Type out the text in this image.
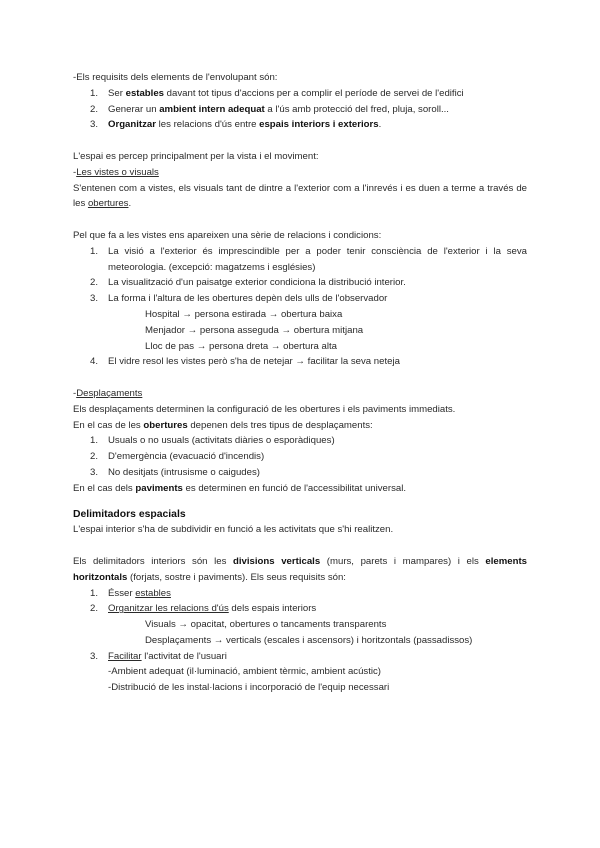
-Els requisits dels elements de l'envolupant són:

1. Ser estables davant tot tipus d'accions per a complir el període de servei de l'edifici
2. Generar un ambient intern adequat a l'ús amb protecció del fred, pluja, soroll...
3. Organitzar les relacions d'ús entre espais interiors i exteriors.

L'espai es percep principalment per la vista i el moviment:

-Les vistes o visuals

S'entenen com a vistes, els visuals tant de dintre a l'exterior com a l'inrevés i es duen a terme a través de les obertures.

Pel que fa a les vistes ens apareixen una sèrie de relacions i condicions:

1. La visió a l'exterior és imprescindible per a poder tenir consciència de l'exterior i la seva meteorologia. (excepció: magatzems i esglésies)
2. La visualització d'un paisatge exterior condiciona la distribució interior.
3. La forma i l'altura de les obertures depèn dels ulls de l'observador

Hospital → persona estirada → obertura baixa

Menjador → persona asseguda → obertura mitjana

Lloc de pas → persona dreta → obertura alta

4. El vidre resol les vistes però s'ha de netejar → facilitar la seva neteja

-Desplaçaments

Els desplaçaments determinen la configuració de les obertures i els paviments immediats.

En el cas de les obertures depenen dels tres tipus de desplaçaments:

1. Usuals o no usuals (activitats diàries o esporàdiques)
2. D'emergència (evacuació d'incendis)
3. No desitjats (intrusisme o caigudes)

En el cas dels paviments es determinen en funció de l'accessibilitat universal.

Delimitadors espacials

L'espai interior s'ha de subdividir en funció a les activitats que s'hi realitzen.

Els delimitadors interiors són les divisions verticals (murs, parets i mampares) i els elements horitzontals (forjats, sostre i paviments). Els seus requisits són:

1. Ésser estables
2. Organitzar les relacions d'ús dels espais interiors

Visuals → opacitat, obertures o tancaments transparents

Desplaçaments → verticals (escales i ascensors) i horitzontals (passadissos)

3. Facilitar l'activitat de l'usuari

-Ambient adequat (il·luminació, ambient tèrmic, ambient acústic)

-Distribució de les instal·lacions i incorporació de l'equip necessari
